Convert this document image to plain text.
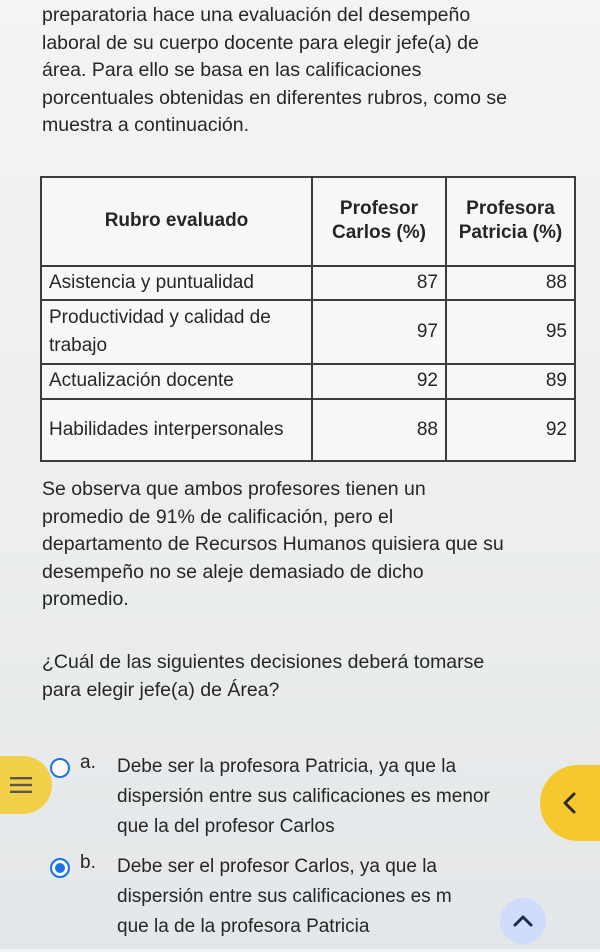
preparatoria hace una evaluación del desempeño
laboral de su cuerpo docente para elegir jefe(a) de
área. Para ello se basa en las calificaciones
porcentuales obtenidas en diferentes rubros, como se
muestra a continuación.
Rubro evaluado	Profesor Carlos (%)	Profesora Patricia (%)
Asistencia y puntualidad	87	88
Productividad y calidad de trabajo	97	95
Actualización docente	92	89
Habilidades interpersonales	88	92
Se observa que ambos profesores tienen un
promedio de 91% de calificación, pero el
departamento de Recursos Humanos quisiera que su
desempeño no se aleje demasiado de dicho
promedio.
¿Cuál de las siguientes decisiones deberá tomarse
para elegir jefe(a) de Área?
a. Debe ser la profesora Patricia, ya que la
dispersión entre sus calificaciones es menor
que la del profesor Carlos
b. Debe ser el profesor Carlos, ya que la
dispersión entre sus calificaciones es m
que la de la profesora Patricia
